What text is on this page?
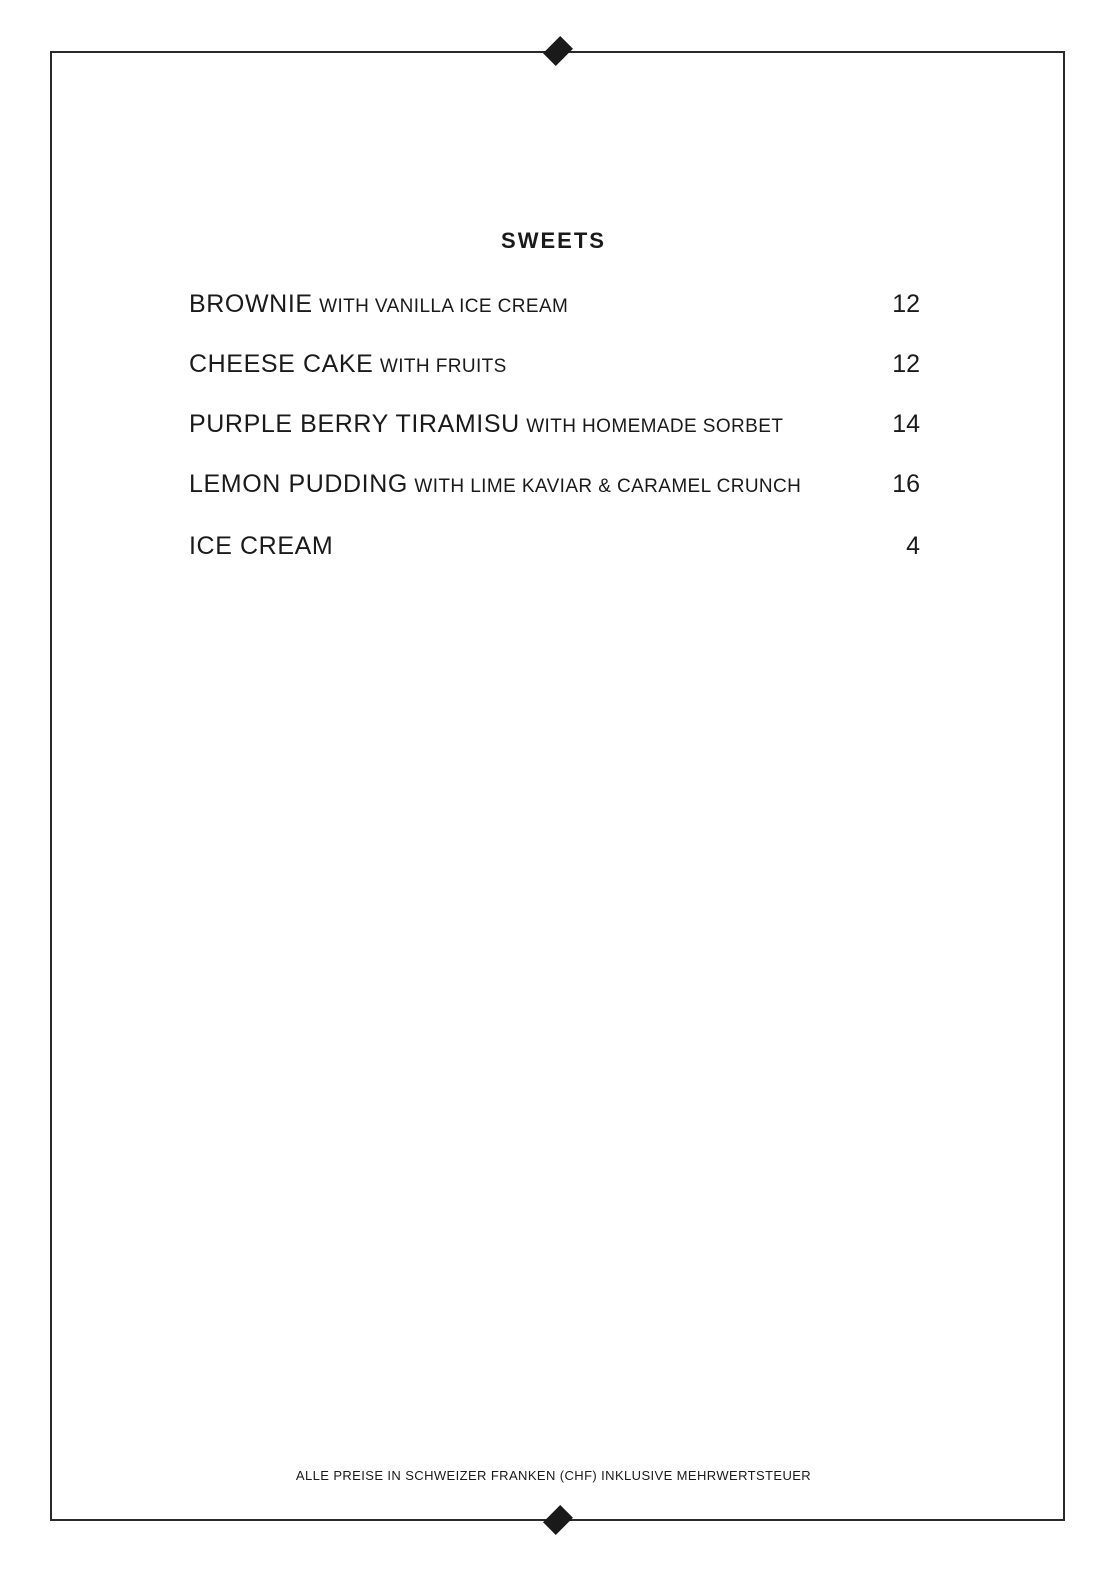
SWEETS
BROWNIE WITH VANILLA ICE CREAM	12
CHEESE CAKE WITH FRUITS	12
PURPLE BERRY TIRAMISU WITH HOMEMADE SORBET	14
LEMON PUDDING WITH LIME KAVIAR & CARAMEL CRUNCH	16
ICE CREAM	4
ALLE PREISE IN SCHWEIZER FRANKEN (CHF) INKLUSIVE MEHRWERTSTEUER
